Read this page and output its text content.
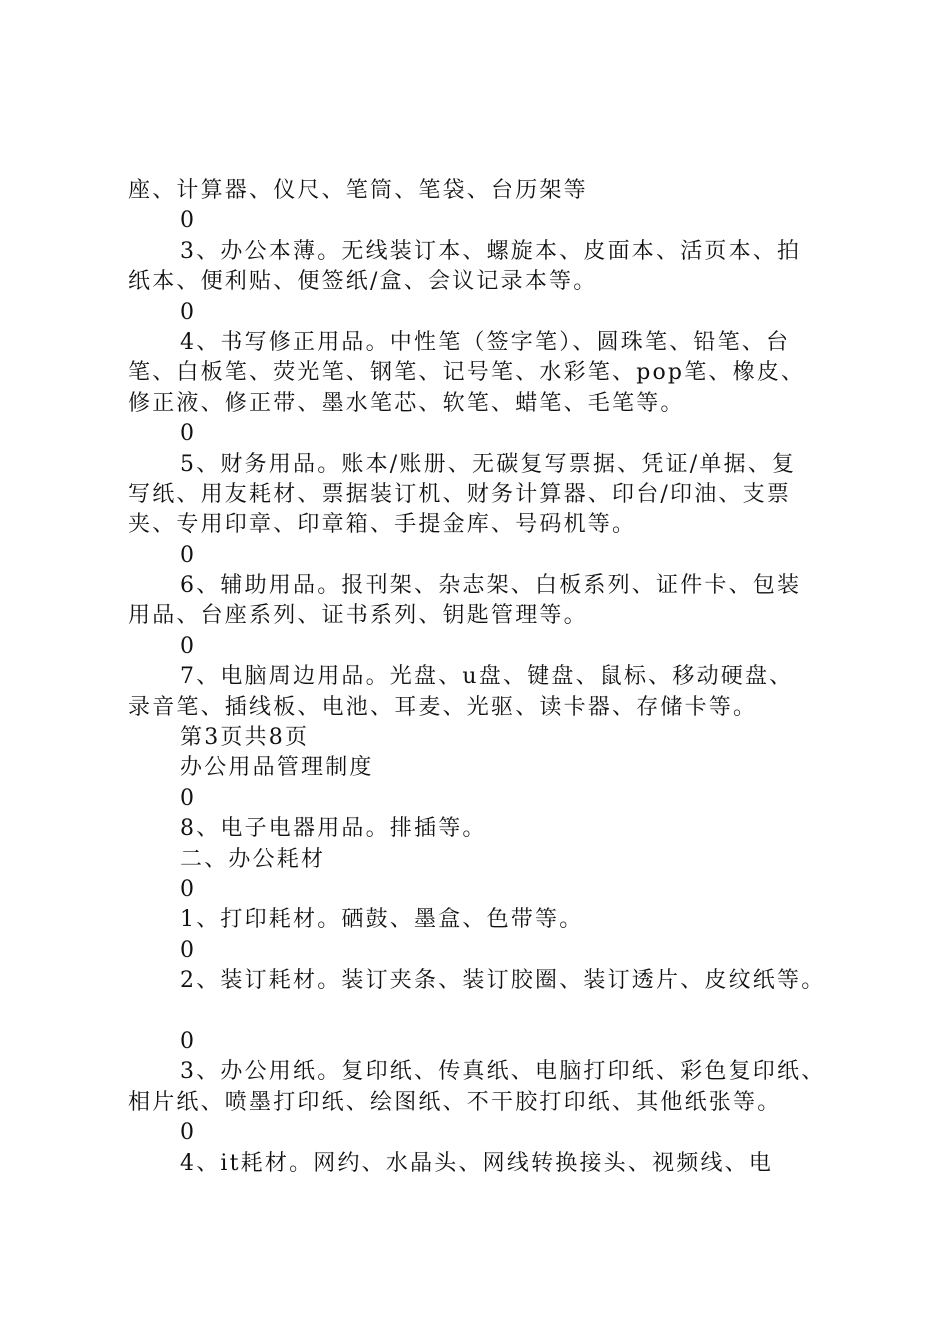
座、计算器、仪尺、笔筒、笔袋、台历架等
0
3、办公本薄。无线装订本、螺旋本、皮面本、活页本、拍
纸本、便利贴、便签纸/盒、会议记录本等。
0
4、书写修正用品。中性笔（签字笔）、圆珠笔、铅笔、台
笔、白板笔、荧光笔、钢笔、记号笔、水彩笔、pop笔、橡皮、
修正液、修正带、墨水笔芯、软笔、蜡笔、毛笔等。
0
5、财务用品。账本/账册、无碳复写票据、凭证/单据、复
写纸、用友耗材、票据装订机、财务计算器、印台/印油、支票
夹、专用印章、印章箱、手提金库、号码机等。
0
6、辅助用品。报刊架、杂志架、白板系列、证件卡、包装
用品、台座系列、证书系列、钥匙管理等。
0
7、电脑周边用品。光盘、u盘、键盘、鼠标、移动硬盘、
录音笔、插线板、电池、耳麦、光驱、读卡器、存储卡等。
第3页共8页
办公用品管理制度
0
8、电子电器用品。排插等。
二、办公耗材
0
1、打印耗材。硒鼓、墨盒、色带等。
0
2、装订耗材。装订夹条、装订胶圈、装订透片、皮纹纸等。
0
3、办公用纸。复印纸、传真纸、电脑打印纸、彩色复印纸、
相片纸、喷墨打印纸、绘图纸、不干胶打印纸、其他纸张等。
0
4、it耗材。网约、水晶头、网线转换接头、视频线、电
